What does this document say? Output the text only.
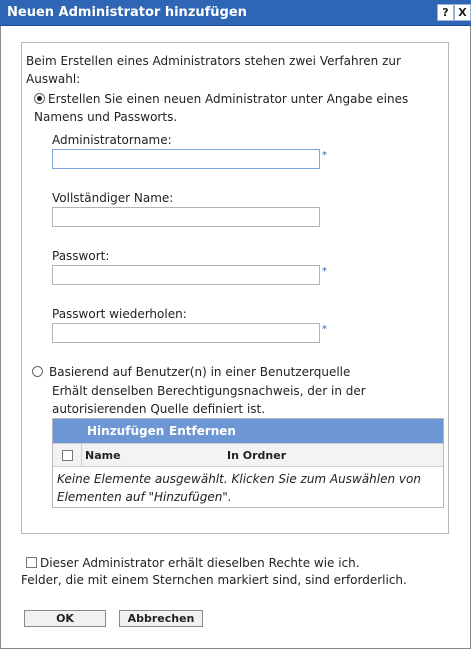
Neuen Administrator hinzufügen	? X
Beim Erstellen eines Administrators stehen zwei Verfahren zur Auswahl:
Erstellen Sie einen neuen Administrator unter Angabe eines Namens und Passworts.
Administratorname:
*
Vollständiger Name:
Passwort:
*
Passwort wiederholen:
*
Basierend auf Benutzer(n) in einer Benutzerquelle
Erhält denselben Berechtigungsnachweis, der in der autorisierenden Quelle definiert ist.
Hinzufügen Entfernen
Name	In Ordner
Keine Elemente ausgewählt. Klicken Sie zum Auswählen von Elementen auf "Hinzufügen".
Dieser Administrator erhält dieselben Rechte wie ich.
Felder, die mit einem Sternchen markiert sind, sind erforderlich.
OK	Abbrechen
